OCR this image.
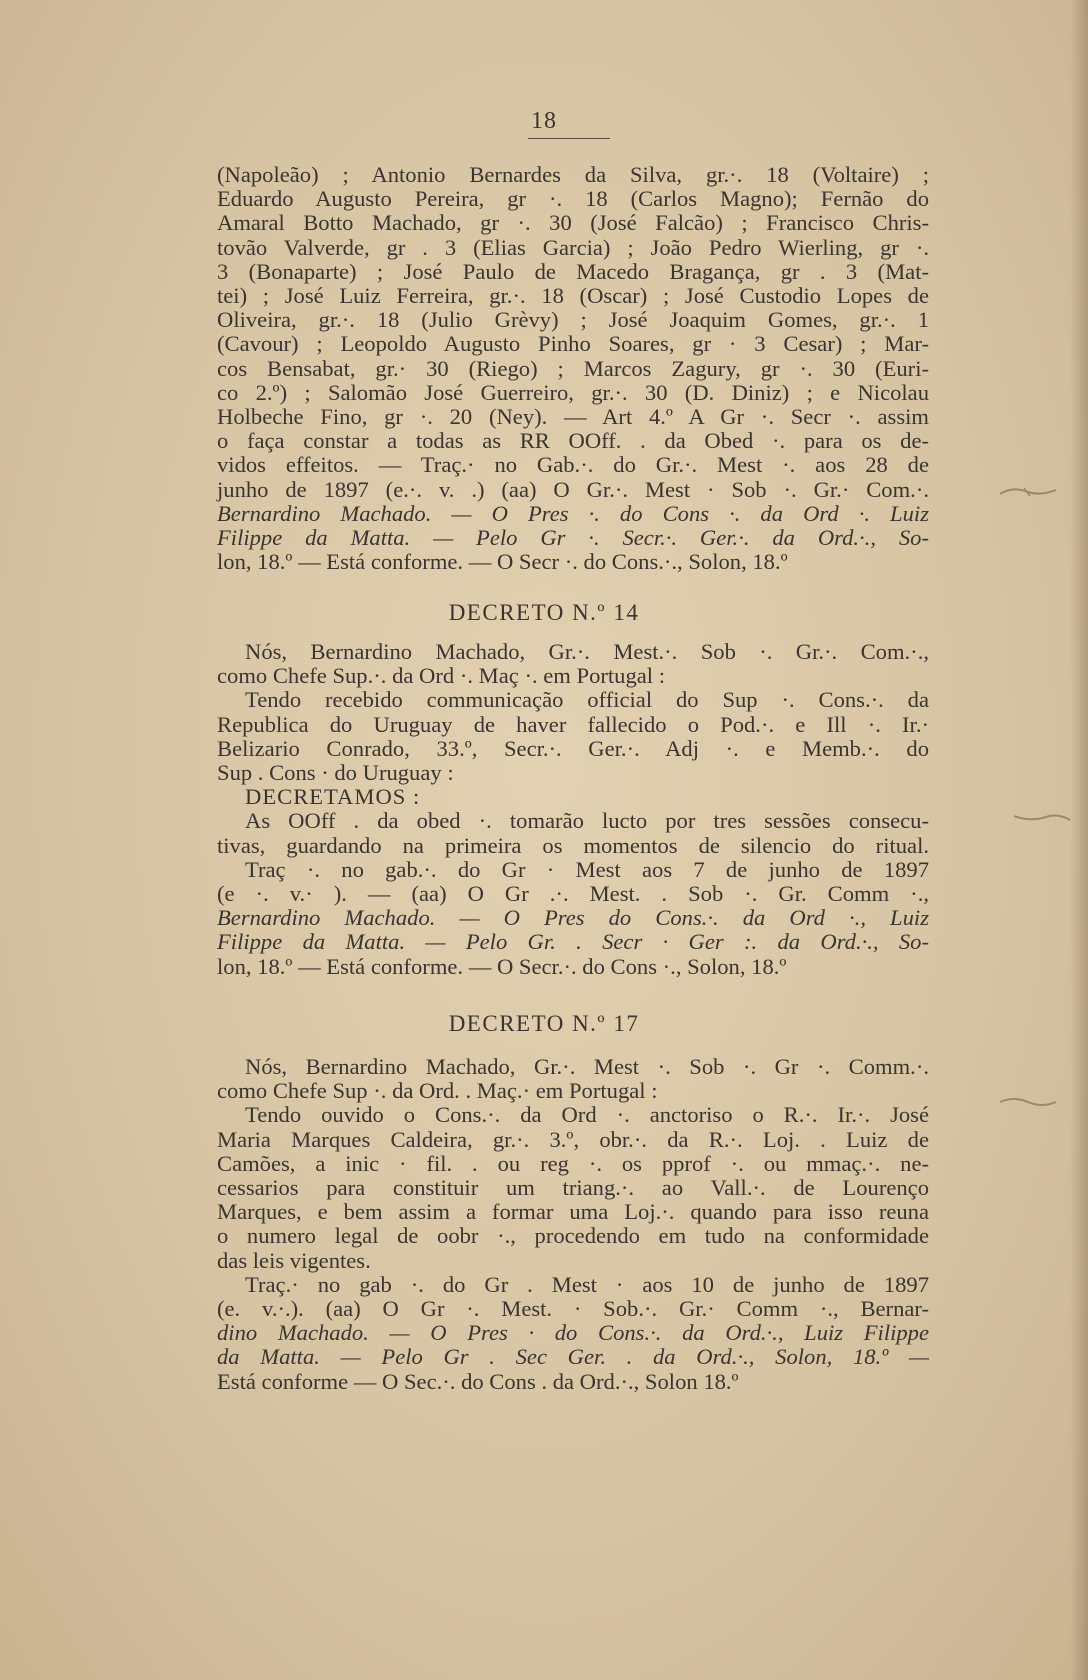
18
(Napoleão) ; Antonio Bernardes da Silva, gr.·. 18 (Voltaire) ;
Eduardo Augusto Pereira, gr ·. 18 (Carlos Magno); Fernão do
Amaral Botto Machado, gr ·. 30 (José Falcão) ; Francisco Chris-
tovão Valverde, gr . 3 (Elias Garcia) ; João Pedro Wierling, gr ·.
3 (Bonaparte) ; José Paulo de Macedo Bragança, gr . 3 (Mat-
tei) ; José Luiz Ferreira, gr.·. 18 (Oscar) ; José Custodio Lopes de
Oliveira, gr.·. 18 (Julio Grèvy) ; José Joaquim Gomes, gr.·. 1
(Cavour) ; Leopoldo Augusto Pinho Soares, gr · 3 Cesar) ; Mar-
cos Bensabat, gr.· 30 (Riego) ; Marcos Zagury, gr ·. 30 (Euri-
co 2.º) ; Salomão José Guerreiro, gr.·. 30 (D. Diniz) ; e Nicolau
Holbeche Fino, gr ·. 20 (Ney). — Art 4.º A Gr ·. Secr ·. assim
o faça constar a todas as RR OOff. . da Obed ·. para os de-
vidos effeitos. — Traç.· no Gab.·. do Gr.·. Mest ·. aos 28 de
junho de 1897 (e.·. v. .) (aa) O Gr.·. Mest · Sob ·. Gr.· Com.·.
Bernardino Machado. — O Pres ·. do Cons ·. da Ord ·. Luiz
Filippe da Matta. — Pelo Gr ·. Secr.·. Ger.·. da Ord.·., So-
lon, 18.º — Está conforme. — O Secr ·. do Cons.·., Solon, 18.º
DECRETO N.º 14
Nós, Bernardino Machado, Gr.·. Mest.·. Sob ·. Gr.·. Com.·.,
como Chefe Sup.·. da Ord ·. Maç ·. em Portugal :
Tendo recebido communicação official do Sup ·. Cons.·. da
Republica do Uruguay de haver fallecido o Pod.·. e Ill ·. Ir.·
Belizario Conrado, 33.º, Secr.·. Ger.·. Adj ·. e Memb.·. do
Sup . Cons · do Uruguay :
DECRETAMOS :
As OOff . da obed ·. tomarão lucto por tres sessões consecu-
tivas, guardando na primeira os momentos de silencio do ritual.
Traç ·. no gab.·. do Gr · Mest aos 7 de junho de 1897
(e ·. v.· ). — (aa) O Gr .·. Mest. . Sob ·. Gr. Comm ·.,
Bernardino Machado. — O Pres do Cons.·. da Ord ·., Luiz
Filippe da Matta. — Pelo Gr. . Secr · Ger :. da Ord.·., So-
lon, 18.º — Está conforme. — O Secr.·. do Cons ·., Solon, 18.º
DECRETO N.º 17
Nós, Bernardino Machado, Gr.·. Mest ·. Sob ·. Gr ·. Comm.·.
como Chefe Sup ·. da Ord. . Maç.· em Portugal :
Tendo ouvido o Cons.·. da Ord ·. anctoriso o R.·. Ir.·. José
Maria Marques Caldeira, gr.·. 3.º, obr.·. da R.·. Loj. . Luiz de
Camões, a inic · fil. . ou reg ·. os pprof ·. ou mmaç.·. ne-
cessarios para constituir um triang.·. ao Vall.·. de Lourenço
Marques, e bem assim a formar uma Loj.·. quando para isso reuna
o numero legal de oobr ·., procedendo em tudo na conformidade
das leis vigentes.
Traç.· no gab ·. do Gr . Mest · aos 10 de junho de 1897
(e. v.·.). (aa) O Gr ·. Mest. · Sob.·. Gr.· Comm ·., Bernar-
dino Machado. — O Pres · do Cons.·. da Ord.·., Luiz Filippe
da Matta. — Pelo Gr . Sec Ger. . da Ord.·., Solon, 18.º —
Está conforme — O Sec.·. do Cons . da Ord.·., Solon 18.º
